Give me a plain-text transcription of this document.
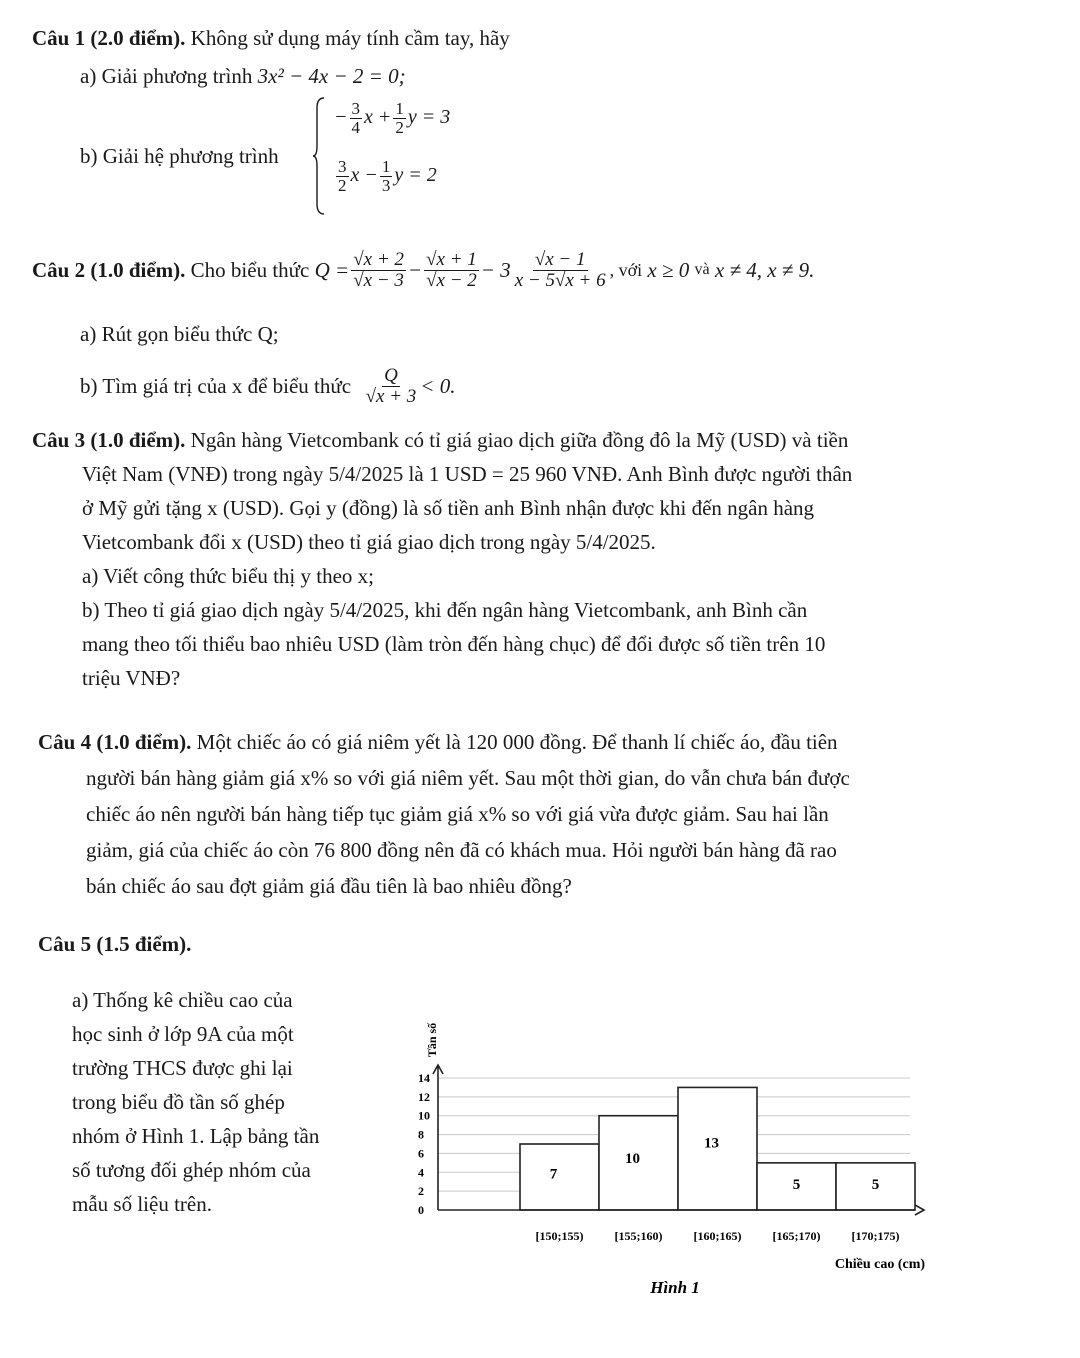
Câu 1 (2.0 điểm). Không sử dụng máy tính cầm tay, hãy
a) Giải phương trình 3x² − 4x − 2 = 0;
b) Giải hệ phương trình
− $\frac{3}{4}$ $x + \frac{1}{2}$ y = 3
$\frac{3}{2}$ $x - \frac{1}{3}$ y = 2
Câu 2 (1.0 điểm).
Cho biểu thức
$Q = \frac{√x + 2}{√x - 3} - \frac{√x + 1}{√x - 2} - 3 \frac{√x - 1}{x - 5√x + 6}$ , với
x ≥ 0
và
x ≠ 4, x ≠ 9.
a) Rút gọn biểu thức Q;
b) Tìm giá trị của x để biểu thức
$\frac{Q}{√x + 3} < 0$.
Câu 3 (1.0 điểm). Ngân hàng Vietcombank có tỉ giá giao dịch giữa đồng đô la Mỹ (USD) và tiền
Việt Nam (VNĐ) trong ngày 5/4/2025 là 1 USD = 25 960 VNĐ. Anh Bình được người thân
ở Mỹ gửi tặng x (USD). Gọi y (đồng) là số tiền anh Bình nhận được khi đến ngân hàng
Vietcombank đổi x (USD) theo tỉ giá giao dịch trong ngày 5/4/2025.
a) Viết công thức biểu thị y theo x;
b) Theo tỉ giá giao dịch ngày 5/4/2025, khi đến ngân hàng Vietcombank, anh Bình cần
mang theo tối thiểu bao nhiêu USD (làm tròn đến hàng chục) để đổi được số tiền trên 10
triệu VNĐ?
Câu 4 (1.0 điểm). Một chiếc áo có giá niêm yết là 120 000 đồng. Để thanh lí chiếc áo, đầu tiên
người bán hàng giảm giá x% so với giá niêm yết. Sau một thời gian, do vẫn chưa bán được
chiếc áo nên người bán hàng tiếp tục giảm giá x% so với giá vừa được giảm. Sau hai lần
giảm, giá của chiếc áo còn 76 800 đồng nên đã có khách mua. Hỏi người bán hàng đã rao
bán chiếc áo sau đợt giảm giá đầu tiên là bao nhiêu đồng?
Câu 5 (1.5 điểm).
a) Thống kê chiều cao của
học sinh ở lớp 9A của một
trường THCS được ghi lại
trong biểu đồ tần số ghép
nhóm ở Hình 1. Lập bảng tần
số tương đối ghép nhóm của
mẫu số liệu trên.
7
10
13
5	5
0
2
4
6
8
10
12
14
[150;155)	[155;160)	[160;165)	[165;170)	[170;175)
Tần số
Chiều cao (cm)
Hình 1
